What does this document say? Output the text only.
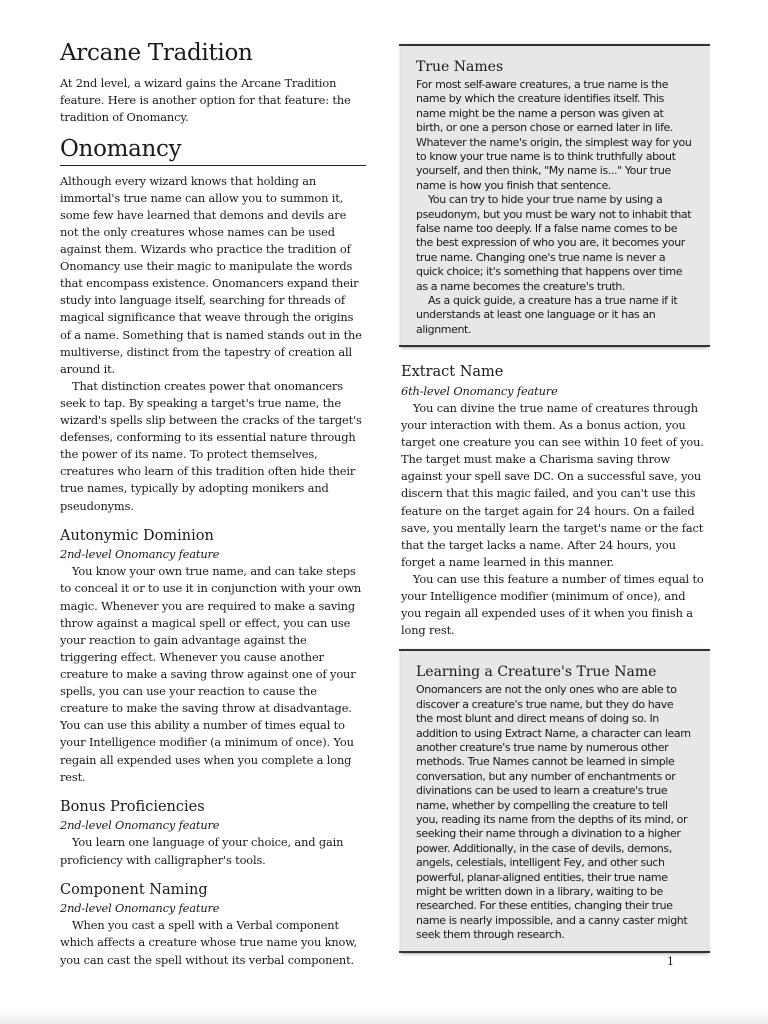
Arcane Tradition

At 2nd level, a wizard gains the Arcane Tradition feature. Here is another option for that feature: the tradition of Onomancy.

Onomancy

Although every wizard knows that holding an immortal's true name can allow you to summon it, some few have learned that demons and devils are not the only creatures whose names can be used against them. Wizards who practice the tradition of Onomancy use their magic to manipulate the words that encompass existence. Onomancers expand their study into language itself, searching for threads of magical significance that weave through the origins of a name. Something that is named stands out in the multiverse, distinct from the tapestry of creation all around it.

That distinction creates power that onomancers seek to tap. By speaking a target's true name, the wizard's spells slip between the cracks of the target's defenses, conforming to its essential nature through the power of its name. To protect themselves, creatures who learn of this tradition often hide their true names, typically by adopting monikers and pseudonyms.

Autonymic Dominion

2nd-level Onomancy feature

You know your own true name, and can take steps to conceal it or to use it in conjunction with your own magic. Whenever you are required to make a saving throw against a magical spell or effect, you can use your reaction to gain advantage against the triggering effect. Whenever you cause another creature to make a saving throw against one of your spells, you can use your reaction to cause the creature to make the saving throw at disadvantage. You can use this ability a number of times equal to your Intelligence modifier (a minimum of once). You regain all expended uses when you complete a long rest.

Bonus Proficiencies

2nd-level Onomancy feature

You learn one language of your choice, and gain proficiency with calligrapher's tools.

Component Naming

2nd-level Onomancy feature

When you cast a spell with a Verbal component which affects a creature whose true name you know, you can cast the spell without its verbal component.

True Names

For most self-aware creatures, a true name is the name by which the creature identifies itself. This name might be the name a person was given at birth, or one a person chose or earned later in life. Whatever the name's origin, the simplest way for you to know your true name is to think truthfully about yourself, and then think, "My name is..." Your true name is how you finish that sentence.

You can try to hide your true name by using a pseudonym, but you must be wary not to inhabit that false name too deeply. If a false name comes to be the best expression of who you are, it becomes your true name. Changing one's true name is never a quick choice; it's something that happens over time as a name becomes the creature's truth.

As a quick guide, a creature has a true name if it understands at least one language or it has an alignment.

Extract Name

6th-level Onomancy feature

You can divine the true name of creatures through your interaction with them. As a bonus action, you target one creature you can see within 10 feet of you. The target must make a Charisma saving throw against your spell save DC. On a successful save, you discern that this magic failed, and you can't use this feature on the target again for 24 hours. On a failed save, you mentally learn the target's name or the fact that the target lacks a name. After 24 hours, you forget a name learned in this manner.

You can use this feature a number of times equal to your Intelligence modifier (minimum of once), and you regain all expended uses of it when you finish a long rest.

Learning a Creature's True Name

Onomancers are not the only ones who are able to discover a creature's true name, but they do have the most blunt and direct means of doing so. In addition to using Extract Name, a character can learn another creature's true name by numerous other methods. True Names cannot be learned in simple conversation, but any number of enchantments or divinations can be used to learn a creature's true name, whether by compelling the creature to tell you, reading its name from the depths of its mind, or seeking their name through a divination to a higher power. Additionally, in the case of devils, demons, angels, celestials, intelligent Fey, and other such powerful, planar-aligned entities, their true name might be written down in a library, waiting to be researched. For these entities, changing their true name is nearly impossible, and a canny caster might seek them through research.

1
